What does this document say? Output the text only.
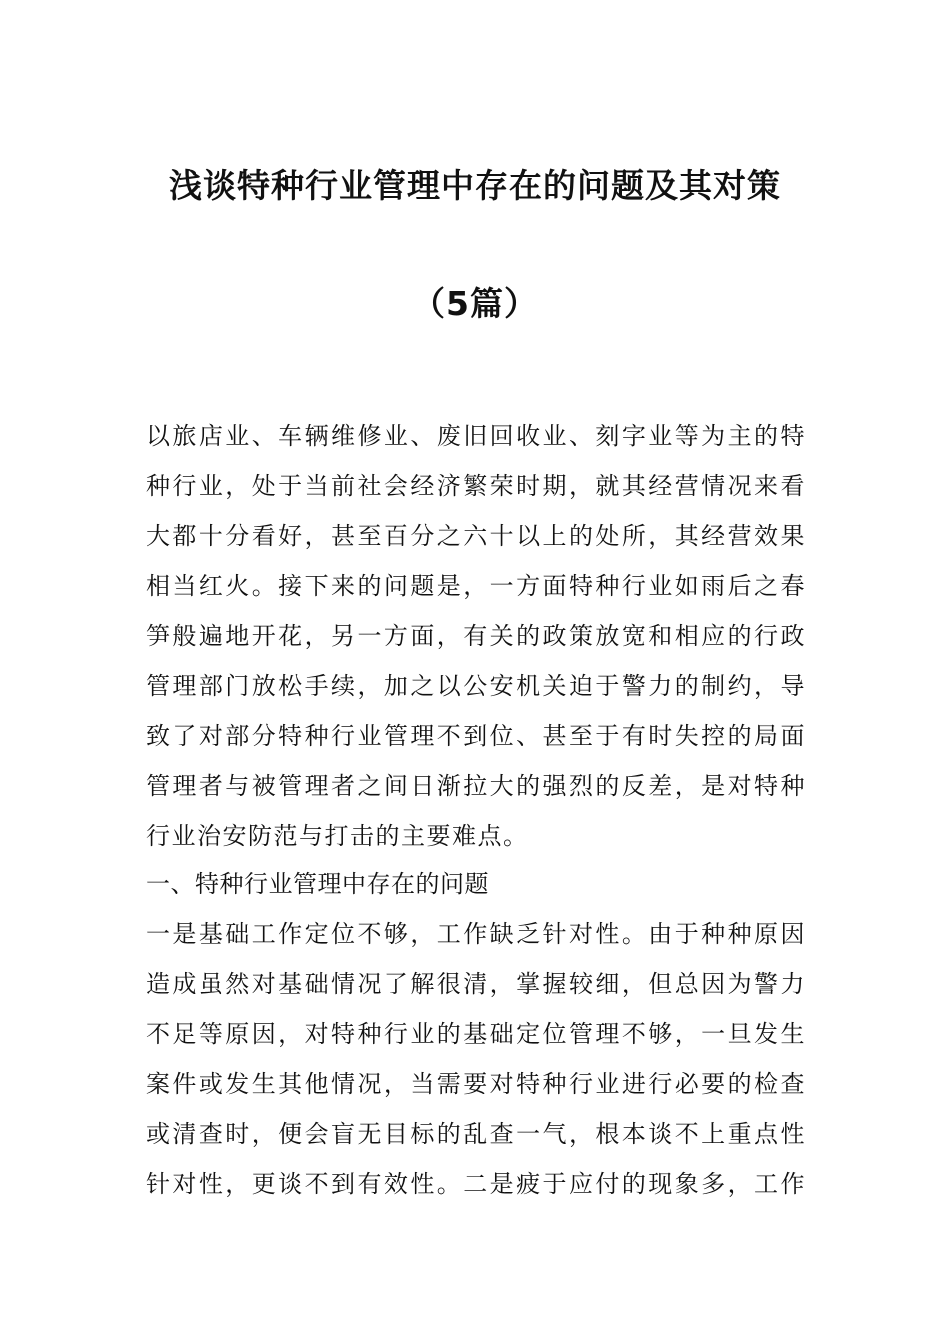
浅谈特种行业管理中存在的问题及其对策
（5篇）
以旅店业、车辆维修业、废旧回收业、刻字业等为主的特
种行业，处于当前社会经济繁荣时期，就其经营情况来看
大都十分看好，甚至百分之六十以上的处所，其经营效果
相当红火。接下来的问题是，一方面特种行业如雨后之春
笋般遍地开花，另一方面，有关的政策放宽和相应的行政
管理部门放松手续，加之以公安机关迫于警力的制约，导
致了对部分特种行业管理不到位、甚至于有时失控的局面
管理者与被管理者之间日渐拉大的强烈的反差，是对特种
行业治安防范与打击的主要难点。
一、特种行业管理中存在的问题
一是基础工作定位不够，工作缺乏针对性。由于种种原因
造成虽然对基础情况了解很清，掌握较细，但总因为警力
不足等原因，对特种行业的基础定位管理不够，一旦发生
案件或发生其他情况，当需要对特种行业进行必要的检查
或清查时，便会盲无目标的乱查一气，根本谈不上重点性
针对性，更谈不到有效性。二是疲于应付的现象多，工作
